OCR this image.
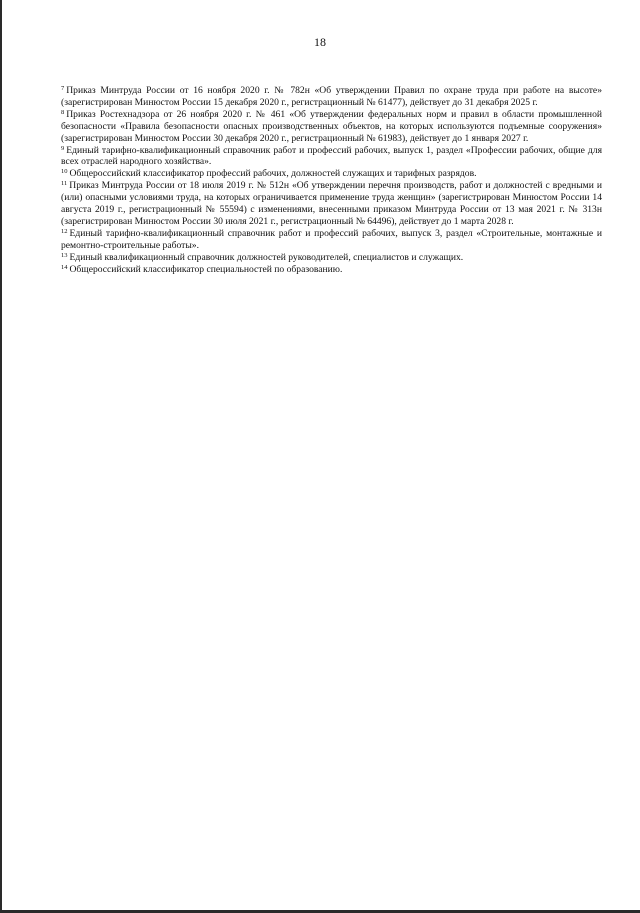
18

$^7$ Приказ Минтруда России от 16 ноября 2020 г. № 782н «Об утверждении Правил по охране труда при работе на высоте» (зарегистрирован Минюстом России 15 декабря 2020 г., регистрационный № 61477), действует до 31 декабря 2025 г.

$^8$ Приказ Ростехнадзора от 26 ноября 2020 г. № 461 «Об утверждении федеральных норм и правил в области промышленной безопасности «Правила безопасности опасных производственных объектов, на которых используются подъемные сооружения» (зарегистрирован Минюстом России 30 декабря 2020 г., регистрационный № 61983), действует до 1 января 2027 г.

$^9$ Единый тарифно-квалификационный справочник работ и профессий рабочих, выпуск 1, раздел «Профессии рабочих, общие для всех отраслей народного хозяйства».

$^{10}$ Общероссийский классификатор профессий рабочих, должностей служащих и тарифных разрядов.

$^{11}$ Приказ Минтруда России от 18 июля 2019 г. № 512н «Об утверждении перечня производств, работ и должностей с вредными и (или) опасными условиями труда, на которых ограничивается применение труда женщин» (зарегистрирован Минюстом России 14 августа 2019 г., регистрационный № 55594) с изменениями, внесенными приказом Минтруда России от 13 мая 2021 г. № 313н (зарегистрирован Минюстом России 30 июля 2021 г., регистрационный № 64496), действует до 1 марта 2028 г.

$^{12}$ Единый тарифно-квалификационный справочник работ и профессий рабочих, выпуск 3, раздел «Строительные, монтажные и ремонтно-строительные работы».

$^{13}$ Единый квалификационный справочник должностей руководителей, специалистов и служащих.

$^{14}$ Общероссийский классификатор специальностей по образованию.
